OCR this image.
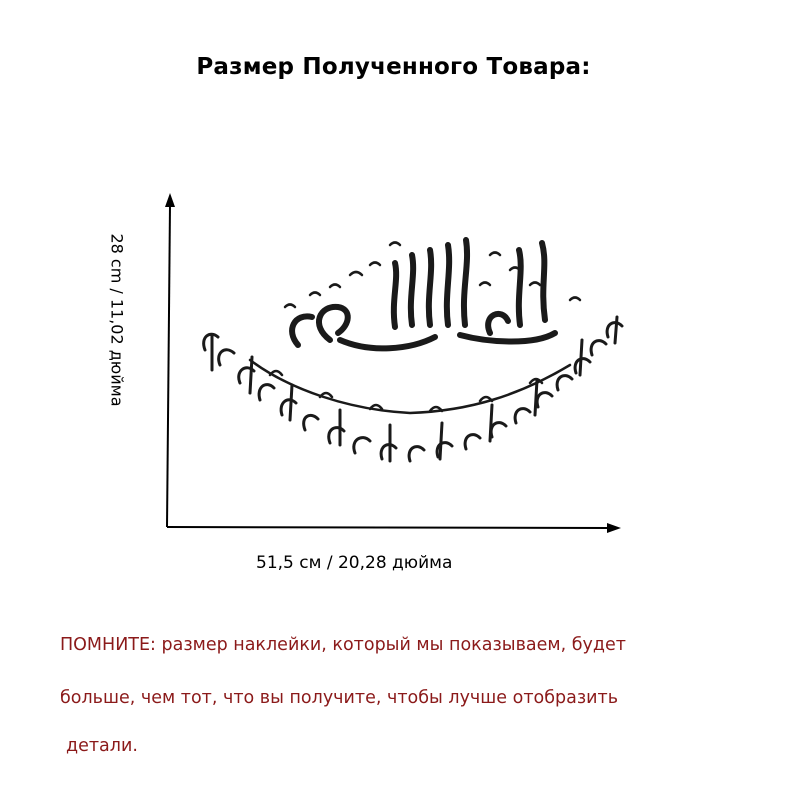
Размер Полученного Товара:
28 cm / 11,02 дюйма
51,5 см / 20,28 дюйма
ПОМНИТЕ: размер наклейки, который мы показываем, будет
больше, чем тот, что вы получите, чтобы лучше отобразить
детали.
